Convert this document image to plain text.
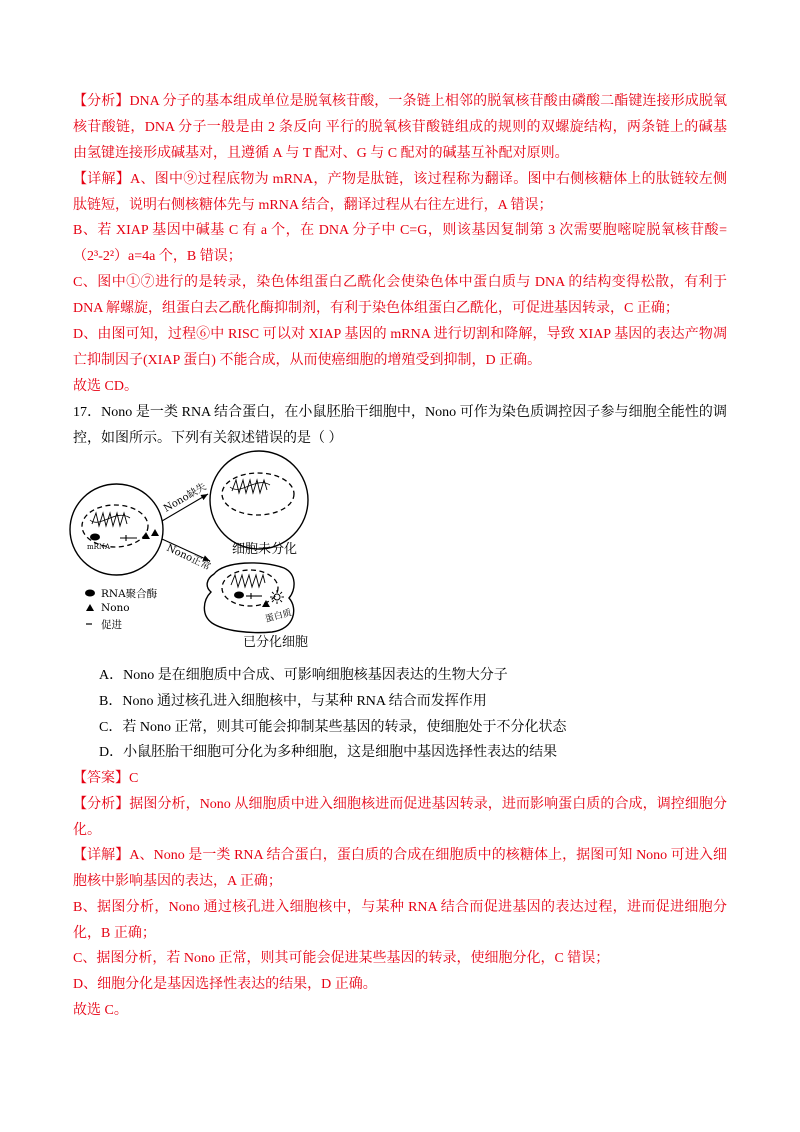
【分析】DNA 分子的基本组成单位是脱氧核苷酸，一条链上相邻的脱氧核苷酸由磷酸二酯键连接形成脱氧
核苷酸链，DNA 分子一般是由 2 条反向 平行的脱氧核苷酸链组成的规则的双螺旋结构，两条链上的碱基
由氢键连接形成碱基对，且遵循 A 与 T 配对、G 与 C 配对的碱基互补配对原则。
【详解】A、图中⑨过程底物为 mRNA，产物是肽链，该过程称为翻译。图中右侧核糖体上的肽链较左侧
肽链短，说明右侧核糖体先与 mRNA 结合，翻译过程从右往左进行，A 错误；
B、若 XIAP 基因中碱基 C 有 a 个，在 DNA 分子中 C=G，则该基因复制第 3 次需要胞嘧啶脱氧核苷酸=
（2³-2²）a=4a 个，B 错误；
C、图中①⑦进行的是转录，染色体组蛋白乙酰化会使染色体中蛋白质与 DNA 的结构变得松散，有利于
DNA 解螺旋，组蛋白去乙酰化酶抑制剂，有利于染色体组蛋白乙酰化，可促进基因转录，C 正确；
D、由图可知，过程⑥中 RISC 可以对 XIAP 基因的 mRNA 进行切割和降解，导致 XIAP 基因的表达产物凋
亡抑制因子(XIAP 蛋白) 不能合成，从而使癌细胞的增殖受到抑制，D 正确。
故选 CD。
17．Nono 是一类 RNA 结合蛋白，在小鼠胚胎干细胞中，Nono 可作为染色质调控因子参与细胞全能性的调
控，如图所示。下列有关叙述错误的是（ ）
mRNA
Nono缺失
Nono正常 细胞未分化
蛋白质
已分化细胞
RNA聚合酶
Nono
促进
A．Nono 是在细胞质中合成、可影响细胞核基因表达的生物大分子
B．Nono 通过核孔进入细胞核中，与某种 RNA 结合而发挥作用
C．若 Nono 正常，则其可能会抑制某些基因的转录，使细胞处于不分化状态
D．小鼠胚胎干细胞可分化为多种细胞，这是细胞中基因选择性表达的结果
【答案】C
【分析】据图分析，Nono 从细胞质中进入细胞核进而促进基因转录，进而影响蛋白质的合成，调控细胞分
化。
【详解】A、Nono 是一类 RNA 结合蛋白，蛋白质的合成在细胞质中的核糖体上，据图可知 Nono 可进入细
胞核中影响基因的表达，A 正确；
B、据图分析，Nono 通过核孔进入细胞核中，与某种 RNA 结合而促进基因的表达过程，进而促进细胞分
化，B 正确；
C、据图分析，若 Nono 正常，则其可能会促进某些基因的转录，使细胞分化，C 错误；
D、细胞分化是基因选择性表达的结果，D 正确。
故选 C。
